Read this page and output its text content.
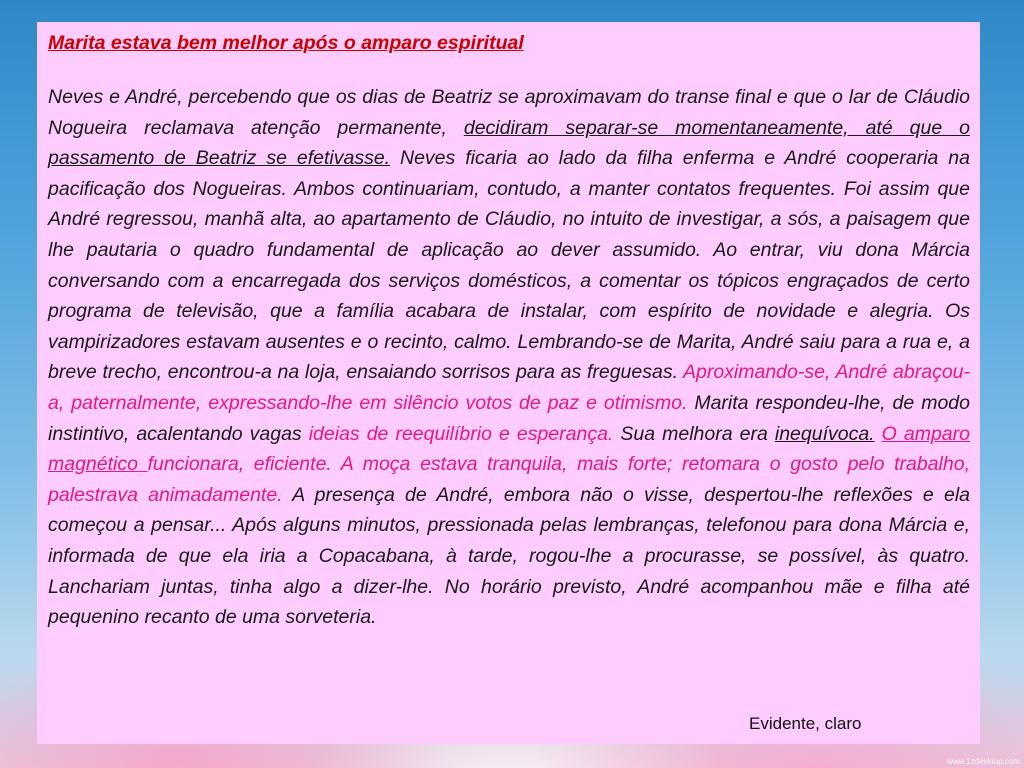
Marita estava bem melhor após o amparo espiritual

Neves e André, percebendo que os dias de Beatriz se aproximavam do transe final e que o lar de Cláudio Nogueira reclamava atenção permanente, decidiram separar-se momentaneamente, até que o passamento de Beatriz se efetivasse. Neves ficaria ao lado da filha enferma e André cooperaria na pacificação dos Nogueiras. Ambos continuariam, contudo, a manter contatos frequentes. Foi assim que André regressou, manhã alta, ao apartamento de Cláudio, no intuito de investigar, a sós, a paisagem que lhe pautaria o quadro fundamental de aplicação ao dever assumido. Ao entrar, viu dona Márcia conversando com a encarregada dos serviços domésticos, a comentar os tópicos engraçados de certo programa de televisão, que a família acabara de instalar, com espírito de novidade e alegria. Os vampirizadores estavam ausentes e o recinto, calmo. Lembrando-se de Marita, André saiu para a rua e, a breve trecho, encontrou-a na loja, ensaiando sorrisos para as freguesas. Aproximando-se, André abraçou-a, paternalmente, expressando-lhe em silêncio votos de paz e otimismo. Marita respondeu-lhe, de modo instintivo, acalentando vagas ideias de reequilíbrio e esperança. Sua melhora era inequívoca. O amparo magnético funcionara, eficiente. A moça estava tranquila, mais forte; retomara o gosto pelo trabalho, palestrava animadamente. A presença de André, embora não o visse, despertou-lhe reflexões e ela começou a pensar... Após alguns minutos, pressionada pelas lembranças, telefonou para dona Márcia e, informada de que ela iria a Copacabana, à tarde, rogou-lhe a procurasse, se possível, às quatro. Lanchariam juntas, tinha algo a dizer-lhe. No horário previsto, André acompanhou mãe e filha até pequenino recanto de uma sorveteria.

Evidente, claro
www.1zdesktop.com
